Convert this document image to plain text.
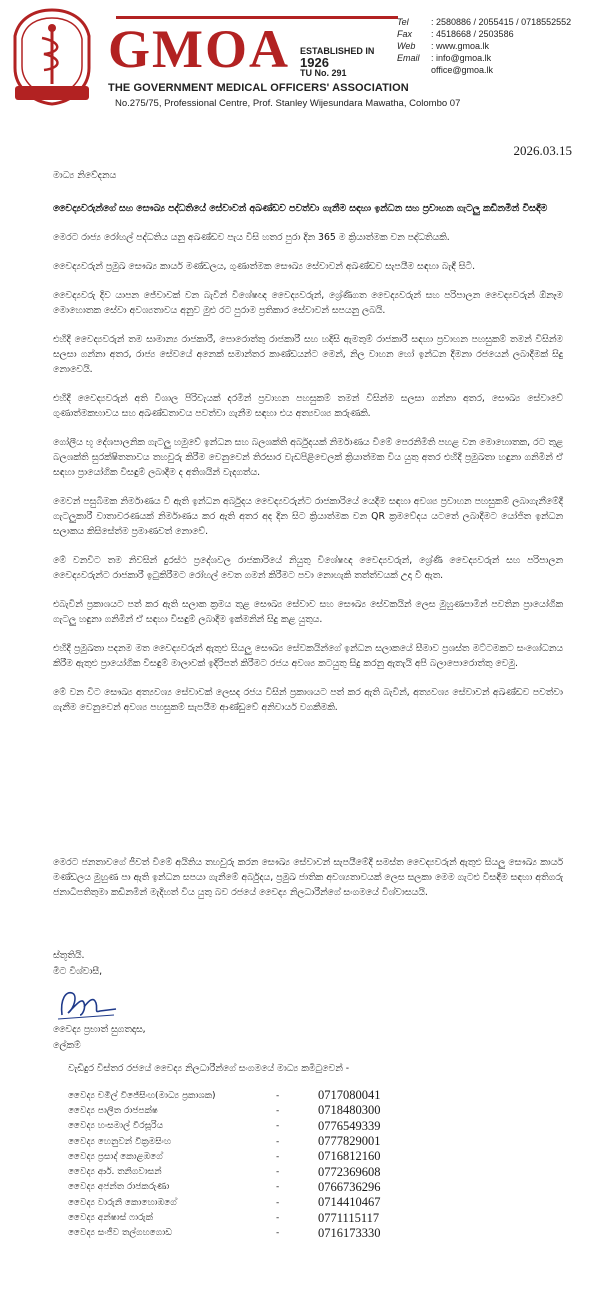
GMOA ESTABLISHED IN
1926
TU No. 291
THE GOVERNMENT MEDICAL OFFICERS' ASSOCIATION
No.275/75, Professional Centre, Prof. Stanley Wijesundara Mawatha, Colombo 07
Tel	: 2580886 / 2055415 / 0718552552
Fax	: 4518668 / 2503586
Web	: www.gmoa.lk
Email	: info@gmoa.lk
office@gmoa.lk
2026.03.15

මාධ්‍ය නිවේදනය

වෛද්‍යවරුන්ගේ සහ සෞඛ්‍ය පද්ධතියේ සේවාවන් අඛණ්ඩව පවත්වා ගැනීම සඳහා ඉන්ධන සහ ප්‍රවාහන ගැටලු කඩිනමින් විසඳීම

මෙරට රාජ්‍ය රෝහල් පද්ධතිය යනු අඛණ්ඩව පැය විසි හතර පුරා දින 365 ම ක්‍රියාත්මක වන පද්ධතියකි.

වෛද්‍යවරුන් ප්‍රමුඛ සෞඛ්‍ය කාර්ය මණ්ඩලය, ගුණාත්මක සෞඛ්‍ය සේවාවන් අඛණ්ඩව සැපයීම සඳහා බැඳී සිටී.

වෛද්‍යවරු දිව යාපන ජේවාවක් වන බැවින් විශේෂඥ වෛද්‍යවරුන්, ශ්‍රේණිගත වෛද්‍යවරුන් සහ පරිපාලන වෛද්‍යවරුන් ඕනෑම මොහොතක සේවා අවශ්‍යතාවය අනුව මුළු රට පුරාම ප්‍රතිකාර සේවාවන් සපයනු ලබයි.

එහිදී වෛද්‍යවරුන් තම සාමාන්‍ය රාජකාරී, පොරොත්තු රාජකාරී සහ හදිසි ඇමතුම් රාජකාරී සඳහා ප්‍රවාහන පහසුකම් තමන් විසින්ම සලසා ගන්නා අතර, රාජ්‍ය සේවයේ අනෙක් සමාන්තර කාණ්ඩයන්ට මෙන්, නිල වාහන හෝ ඉන්ධන දීමනා රජයෙන් ලබාදීමක් සිදු නොවෙයි.

එහිදී වෛද්‍යවරුන් අති විශාල පිරිවැයක් දරමින් ප්‍රවාහන පහසුකම් තමන් විසින්ම සලසා ගන්නා අතර, සෞඛ්‍ය සේවාවේ ගුණාත්මකභාවය සහ අඛණ්ඩතාවය පවත්වා ගැනීම සඳහා එය අත්‍යවශ්‍ය කරුණකි.

ගෝලීය භූ දේශපාලනික ගැටලු හමුවේ ඉන්ධන සහ බලශක්ති අර්බුදයක් නිර්මාණය වීමේ පෙරනිමිති පහළ වන මොහොතක, රට තුළ බලශක්ති සුරක්ෂිතතාවය තහවුරු කිරීම වෙනුවෙන් තිරසාර වැඩපිළිවෙලක් ක්‍රියාත්මක විය යුතු අතර එහිදී ප්‍රමුඛතා හඳුනා ගනිමින් ඒ සඳහා ප්‍රායෝගික විසඳුම් ලබාදීම ද අතිශයින් වැදගත්ය.

මෙවන් පසුබිමක නිර්මාණය වී ඇති ඉන්ධන අර්බුදය වෛද්‍යවරුන්ට රාජකාරියේ යෙදීම සඳහා අවශ්‍ය ප්‍රවාහන පහසුකම් ලබාගැනීමේදී ගැටලුකාරී වාතාවරණයක් නිර්මාණය කර ඇති අතර අද දින සිට ක්‍රියාත්මක වන QR ක්‍රමවේදය යටතේ ලබාදීමට යෝජිත ඉන්ධන සලාකය කිසිසේත්ම ප්‍රමාණවත් නොවේ.

මේ වනවිට තම නිවසින් දුරස්ථ ප්‍රදේශවල රාජකාරියේ නියුතු විශේෂඥ වෛද්‍යවරුන්, ශ්‍රේණි වෛද්‍යවරුන් සහ පරිපාලන වෛද්‍යවරුන්ට රාජකාරී ඉටුකිරීමට රෝහල් වෙත ගමන් කිරීමට පවා නොහැකි තත්ත්වයක් උදා වී ඇත.

එබැවින් ප්‍රකාශයට පත් කර ඇති සලාක ක්‍රමය තුළ සෞඛ්‍ය සේවාව සහ සෞඛ්‍ය සේවකයින් ලෙස මුහුණපාමින් පවතින ප්‍රායෝගික ගැටලු හඳුනා ගනිමින් ඒ සඳහා විසඳුම් ලබාදීම ඉක්මනින් සිදු කළ යුතුය.

එහිදී ප්‍රමුඛතා පදනම මත වෛද්‍යවරුන් ඇතුළු සියලු සෞඛ්‍ය සේවකයින්ගේ ඉන්ධන සලාකයේ සීමාව ප්‍රශස්ත මට්ටමකට සංශෝධනය කිරීම ඇතුළු ප්‍රායෝගික විසඳුම් මාලාවක් ඉදිරිපත් කිරීමට රජය අවශ්‍ය කටයුතු සිදු කරනු ඇතැයි අපි බලාපොරොත්තු වෙමු.

මේ වන විට සෞඛ්‍ය අත්‍යවශ්‍ය සේවාවක් ලෙසද රජය විසින් ප්‍රකාශයට පත් කර ඇති බැවින්, අත්‍යවශ්‍ය සේවාවන් අඛණ්ඩව පවත්වා ගැනීම වෙනුවෙන් අවශ්‍ය පහසුකම් සැපයීම ආණ්ඩුවේ අනිවාර්ය වගකීමකි.

මෙරට ජනතාවගේ ජීවත් වීමේ අයිතිය තහවුරු කරන සෞඛ්‍ය සේවාවන් සැපයීමේදී සමස්ත වෛද්‍යවරුන් ඇතුළු සියලු සෞඛ්‍ය කාර්ය මණ්ඩලය මුහුණ පා ඇති ඉන්ධන සපයා ගැනීමේ අර්බුදය, ප්‍රමුඛ ජාතික අවශ්‍යතාවයක් ලෙස සලකා මෙම ගැටළු විසඳීම සඳහා අතිගරු ජනාධිපතිතුමා කඩිනමින් මැදිහත් විය යුතු බව රජයේ වෛද්‍ය නිලධාරීන්ගේ සංගමයේ විශ්වාසයයි.
ස්තූතියි.
මීට විශ්වාසී,
වෛද්‍ය ප්‍රභාත් සුගතදාස,
ලේකම්
වැඩිදුර විස්තර රජයේ වෛද්‍ය නිලධාරීන්ගේ සංගමයේ මාධ්‍ය කමිටුවෙන් -
වෛද්‍ය චමිල් විජේසිංහ(මාධ්‍ය ප්‍රකාශක)	-	0717080041
වෛද්‍ය පාලිත රාජපක්ෂ	-	0718480300
වෛද්‍ය හංසමාල් වීරසූරිය	-	0776549339
වෛද්‍ය හෙනුවන් වික්‍රමසිංහ	-	0777829001
වෛද්‍ය ප්‍රසාද් කොළඹගේ	-	0716812160
වෛද්‍ය ආර්. තනිගවාසන්	-	0772369608
වෛද්‍ය අජන්ත රාජකරුණා	-	0766736296
වෛද්‍ය වාරුනි කොහොඹගේ	-	0714410467
වෛද්‍ය අන්ෂාස් ෆාරුක්	-	0771115117
වෛද්‍ය සංජීව තල්ගහගොඩ	-	0716173330
